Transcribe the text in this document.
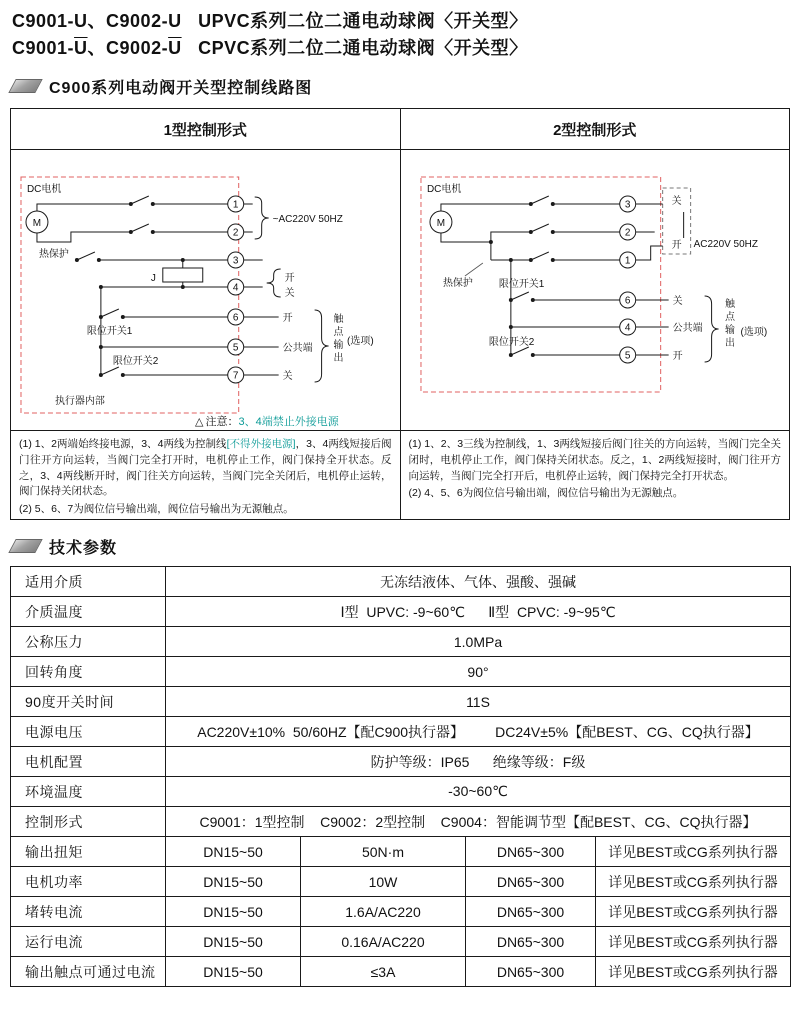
C9001-U、C9002-U   UPVC系列二位二通电动球阀〈开关型〉
$C9001-\overline{U}$、$C9002-\overline{U}$   CPVC系列二位二通电动球阀〈开关型〉
C900系列电动阀开关型控制线路图
1型控制形式	2型控制形式
M
1
2
3
4
6
5
7
DC电机
热保护
J
限位开关1
限位开关2
执行器内部
~AC220V 50HZ
开
关
开
公共端
关
触点输出 (选项)
△ 注意：3、4端禁止外接电源
M
3
2
1
6
4
5
DC电机
热保护	限位开关1
限位开关2
关
开 AC220V 50HZ
关
公共端
开
触点输出 (选项)

(1) 1、2两端始终接电源，3、4两线为控制线[不得外接电源]，3、4两线短接后阀门往开方向运转，当阀门完全打开时，电机停止工作，阀门保持全开状态。反之，3、4两线断开时，阀门往关方向运转，当阀门完全关闭后，电机停止运转，阀门保持关闭状态。

(2) 5、6、7为阀位信号输出端，阀位信号输出为无源触点。

(1) 1、2、3三线为控制线，1、3两线短接后阀门往关的方向运转，当阀门完全关闭时，电机停止工作，阀门保持关闭状态。反之，1、2两线短接时，阀门往开方向运转，当阀门完全打开后，电机停止运转，阀门保持完全打开状态。

(2) 4、5、6为阀位信号输出端，阀位信号输出为无源触点。

技术参数
适用介质	无冻结液体、气体、强酸、强碱			
介质温度	Ⅰ型  UPVC: -9~60℃      Ⅱ型  CPVC: -9~95℃			
公称压力	1.0MPa			
回转角度	90°			
90度开关时间	11S			
电源电压	AC220V±10%  50/60HZ【配C900执行器】        DC24V±5%【配BEST、CG、CQ执行器】			
电机配置	防护等级：IP65      绝缘等级：F级			
环境温度	-30~60℃			
控制形式	C9001：1型控制    C9002：2型控制    C9004：智能调节型【配BEST、CG、CQ执行器】			
输出扭矩	DN15~50	50N·m	DN65~300	详见BEST或CG系列执行器
电机功率	DN15~50	10W	DN65~300	详见BEST或CG系列执行器
堵转电流	DN15~50	1.6A/AC220	DN65~300	详见BEST或CG系列执行器
运行电流	DN15~50	0.16A/AC220	DN65~300	详见BEST或CG系列执行器
输出触点可通过电流	DN15~50	≤3A	DN65~300	详见BEST或CG系列执行器
